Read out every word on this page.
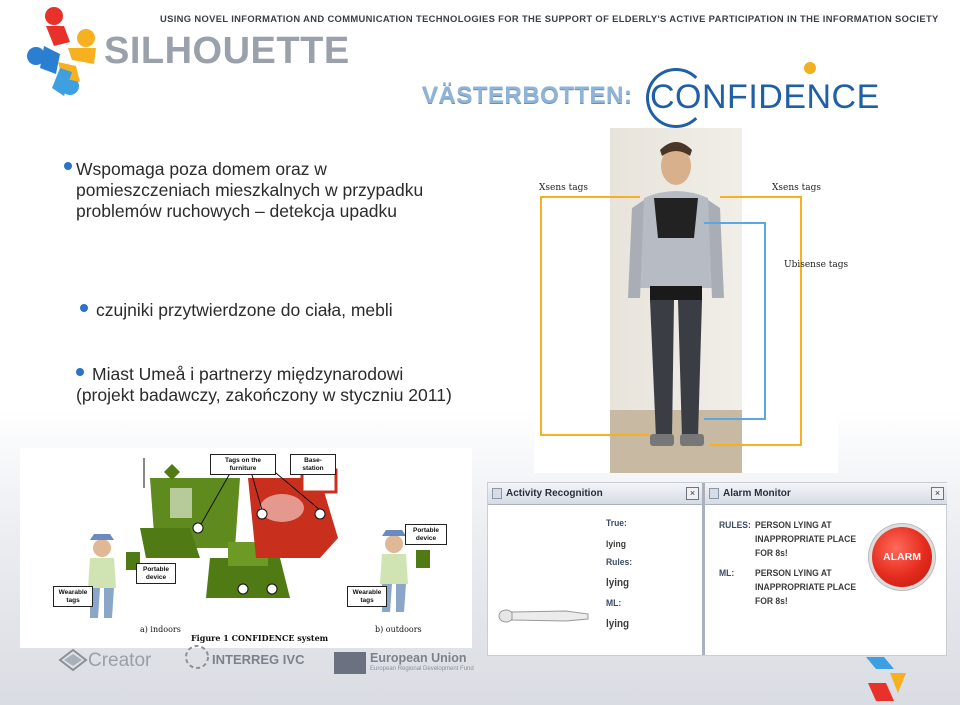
SILHOUETTE
USING NOVEL INFORMATION AND COMMUNICATION TECHNOLOGIES FOR THE SUPPORT OF ELDERLY'S ACTIVE PARTICIPATION IN THE INFORMATION SOCIETY
VÄSTERBOTTEN: CONFIDENCE
Wspomaga poza domem oraz w pomieszczeniach mieszkalnych w przypadku problemów ruchowych – detekcja upadku
czujniki przytwierdzone do ciała, mebli
Miast Umeå i partnerzy międzynarodowi (projekt badawczy, zakończony w styczniu 2011)
Xsens tags	Xsens tags
Ubisense tags
Tags on the furniture
Base-station
Portable device
Portable device
Wearable tags
Wearable tags
a) indoors
Figure 1 CONFIDENCE system
b) outdoors
Activity Recognition	×
True:
lying
Rules:
lying
ML:
lying
Alarm Monitor	×
RULES: PERSON LYING AT
INAPPROPRIATE PLACE
FOR 8s!
ML: PERSON LYING AT
INAPPROPRIATE PLACE
FOR 8s!
ALARM
Creator	INTERREG IVC	European Union
European Regional Development Fund
